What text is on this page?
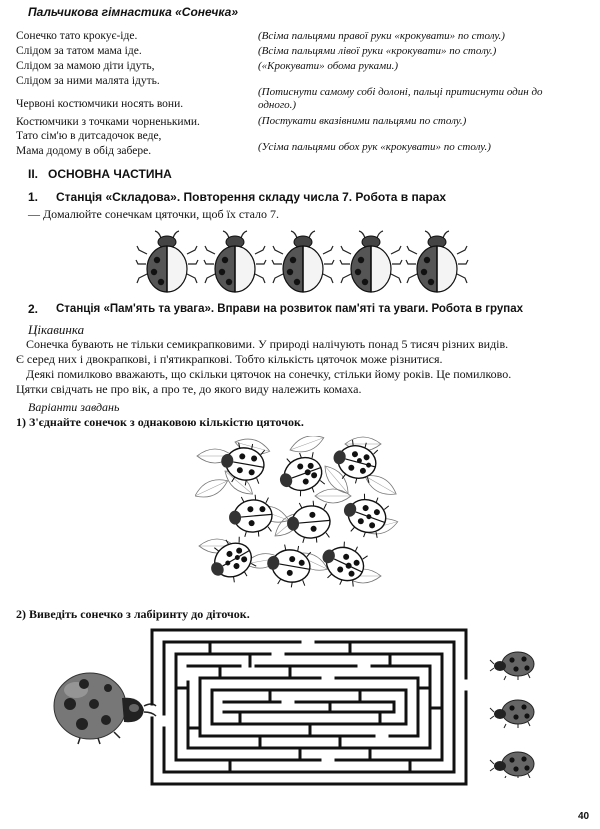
Пальчикова гімнастика «Сонечка»
Сонечко тато крокує-іде.
Слідом за татом мама іде.
Слідом за мамою діти ідуть,
Слідом за ними малята ідуть.
Червоні костюмчики носять вони.
Костюмчики з точками чорненькими.
Тато сім'ю в дитсадочок веде,
Мама додому в обід забере.
(Всіма пальцями правої руки «крокувати» по столу.)
(Всіма пальцями лівої руки «крокувати» по столу.)
(«Крокувати» обома руками.)
(Потиснути самому собі долоні, пальці притиснути один до
одного.)
(Постукати вказівними пальцями по столу.)
(Усіма пальцями обох рук «крокувати» по столу.)
II.   ОСНОВНА ЧАСТИНА
1. Станція «Складова». Повторення складу числа 7. Робота в парах
— Домалюйте сонечкам цяточки, щоб їх стало 7.
2. Станція «Пам'ять та увага». Вправи на розвиток пам'яті та уваги. Робота в групах
Цікавинка
Сонечка бувають не тільки семикрапковими. У природі налічують понад 5 тисяч різних видів.
Є серед них і двокрапкові, і п'ятикрапкові. Тобто кількість цяточок може різнитися.
Деякі помилково вважають, що скільки цяточок на сонечку, стільки йому років. Це помилково.
Цятки свідчать не про вік, а про те, до якого виду належить комаха.
Варіанти завдань
1) З'єднайте сонечок з однаковою кількістю цяточок.
2) Виведіть сонечко з лабіринту до діточок.
40
